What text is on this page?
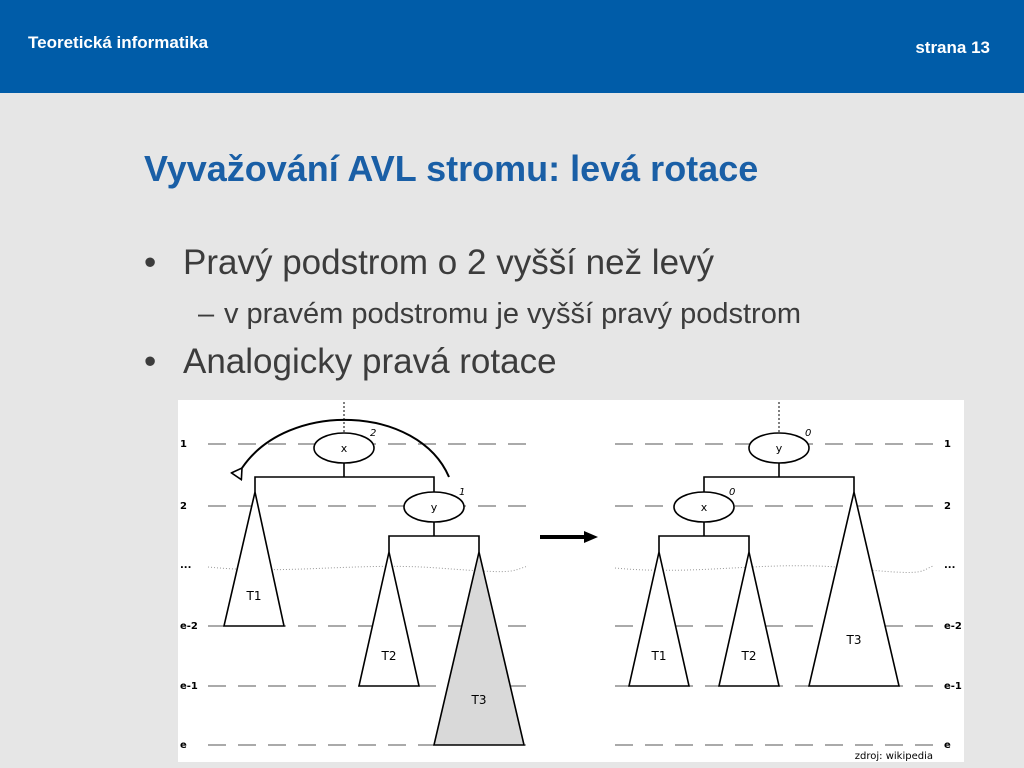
Teoretická informatika	strana 13
Vyvažování AVL stromu: levá rotace
• Pravý podstrom o 2 vyšší než levý
– v pravém podstromu je vyšší pravý podstrom
• Analogicky pravá rotace
1
2
...
e-2
e-1
e
1
2
...
e-2
e-1
e
x
y
T1
T2
T3
2
1
y
x
T1	T2
T3
0
0
zdroj: wikipedia
